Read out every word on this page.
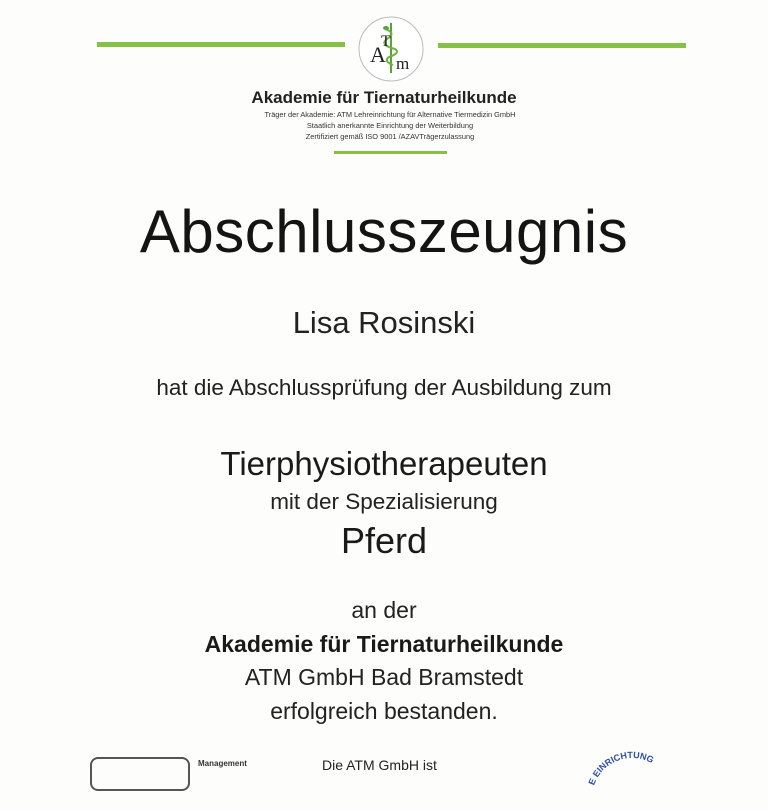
A
T
m
Akademie für Tiernaturheilkunde
Träger der Akademie: ATM Lehreinrichtung für Alternative Tiermedizin GmbH
Staatlich anerkannte Einrichtung der Weiterbildung
Zertifiziert gemäß ISO 9001 /AZAVTrägerzulassung
Abschlusszeugnis
Lisa Rosinski
hat die Abschlussprüfung der Ausbildung zum
Tierphysiotherapeuten
mit der Spezialisierung
Pferd
an der
Akademie für Tiernaturheilkunde
ATM GmbH Bad Bramstedt
erfolgreich bestanden.
Management	Die ATM GmbH ist
E EINRICHTUNG
